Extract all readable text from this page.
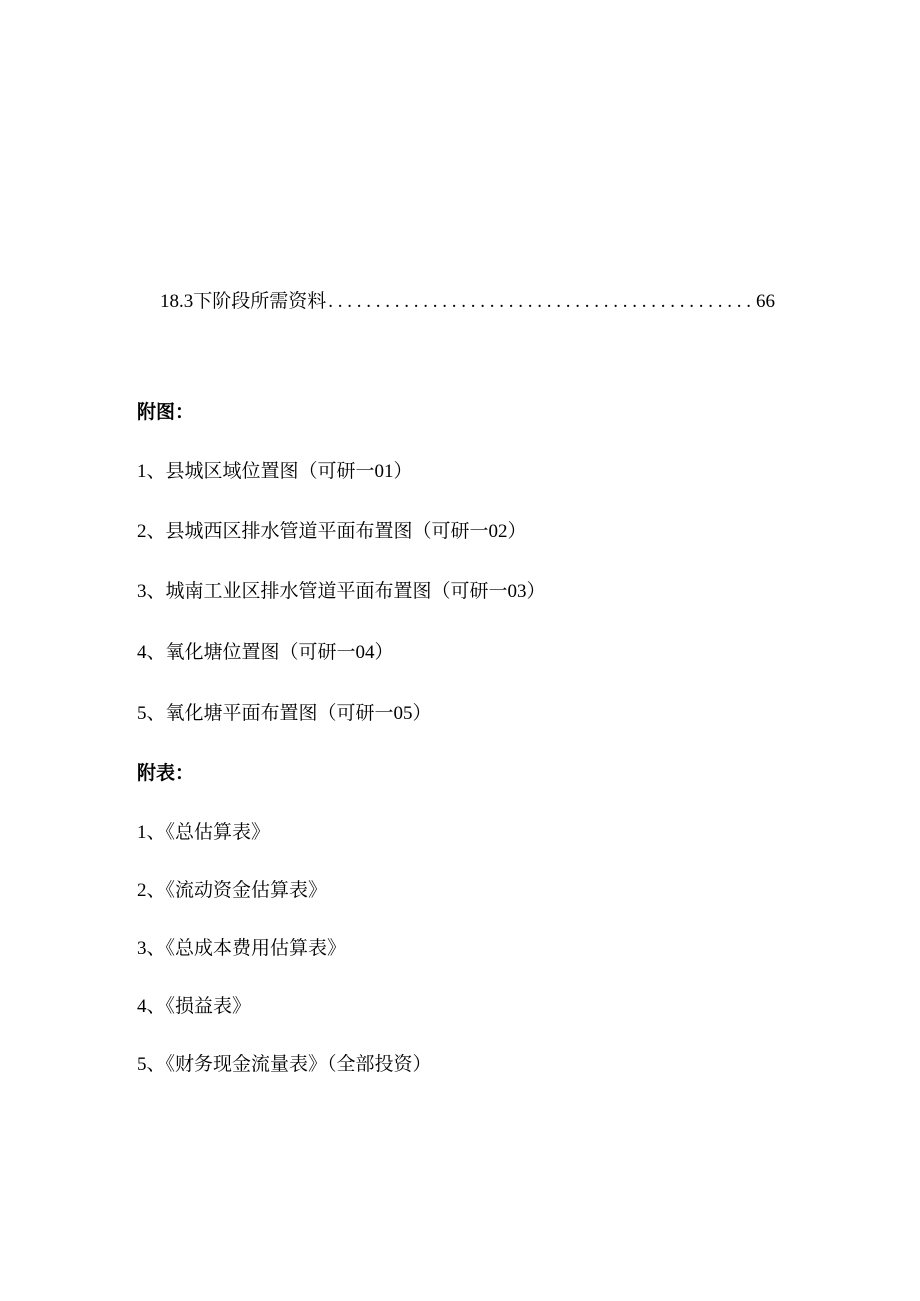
18.3下阶段所需资料
. . .	66
附图：
1、县城区域位置图（可研一01）
2、县城西区排水管道平面布置图（可研一02）
3、城南工业区排水管道平面布置图（可研一03）
4、氧化塘位置图（可研一04）
5、氧化塘平面布置图（可研一05）
附表：
1、《总估算表》
2、《流动资金估算表》
3、《总成本费用估算表》
4、《损益表》
5、《财务现金流量表》（全部投资）
